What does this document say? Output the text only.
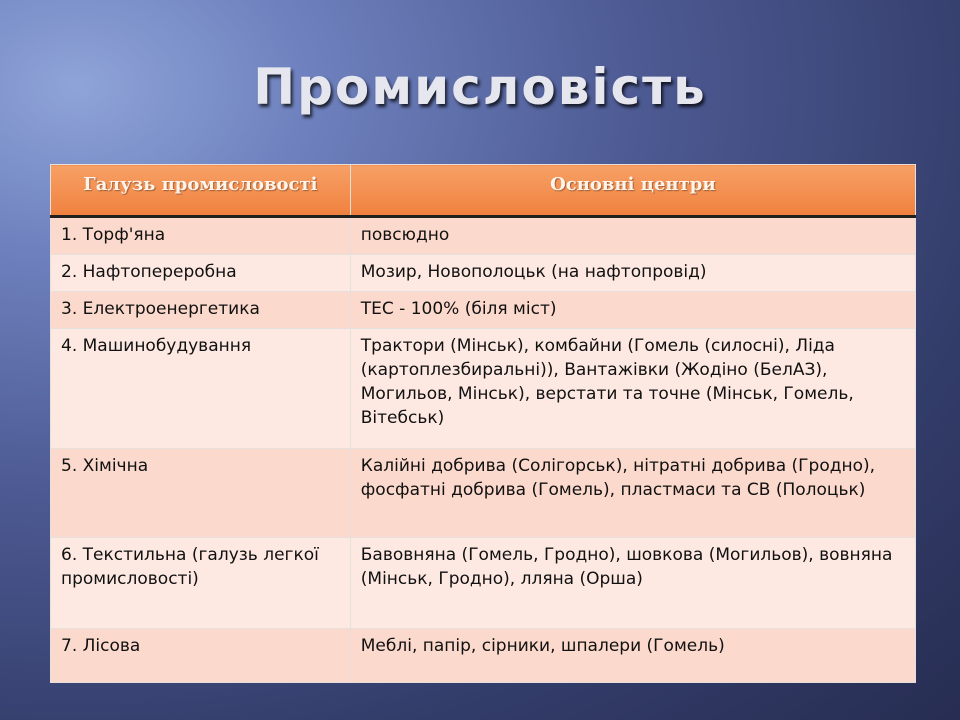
Промисловість
Галузь промисловості	Основні центри
1. Торф'яна	повсюдно
2. Нафтопереробна	Мозир, Новополоцьк (на нафтопровід)
3. Електроенергетика	ТЕС - 100% (біля міст)
4. Машинобудування	Трактори (Мінськ), комбайни (Гомель (силосні), Ліда (картоплезбиральні)), Вантажівки (Жодіно (БелАЗ), Могильов, Мінськ), верстати та точне (Мінськ, Гомель, Вітебськ)
5. Хімічна	Калійні добрива (Солігорськ), нітратні добрива (Гродно), фосфатні добрива (Гомель), пластмаси та СВ (Полоцьк)
6. Текстильна (галузь легкої промисловості)	Бавовняна (Гомель, Гродно), шовкова (Могильов), вовняна (Мінськ, Гродно), лляна (Орша)
7. Лісова	Меблі, папір, сірники, шпалери (Гомель)
